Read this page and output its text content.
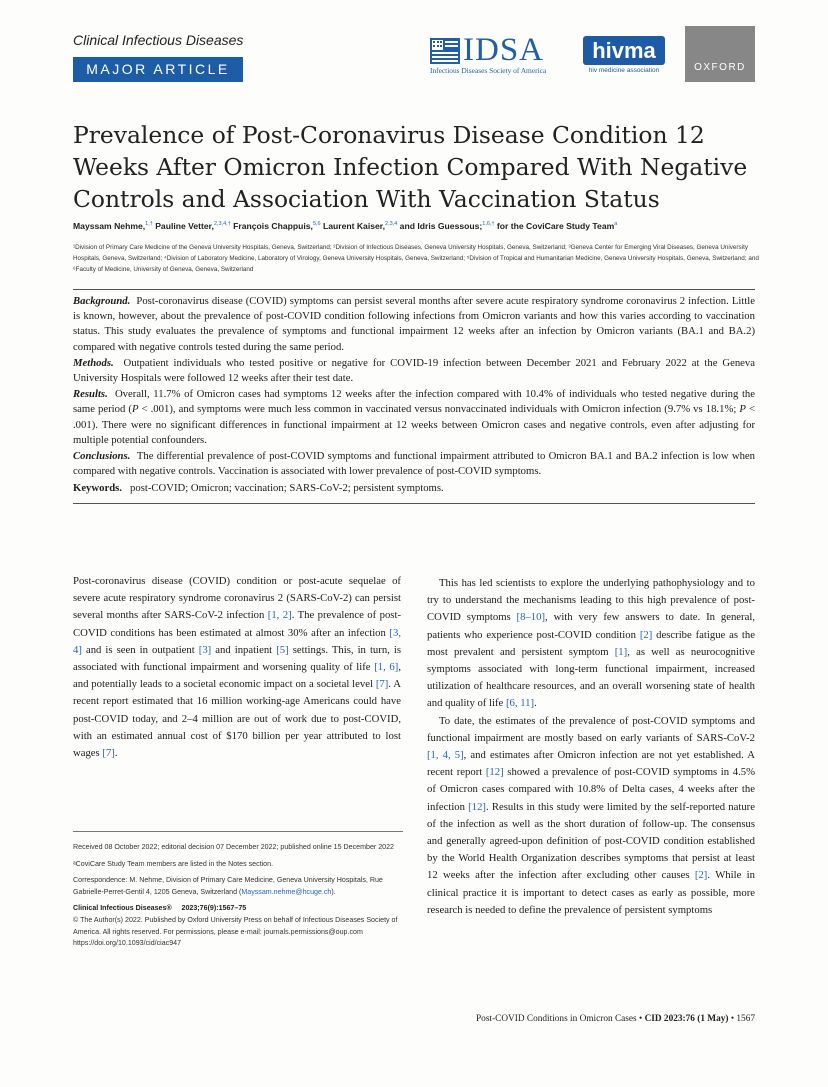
Clinical Infectious Diseases
MAJOR ARTICLE
IDSA
Infectious Diseases Society of America
hivma
hiv medicine association	OXFORD
Prevalence of Post-Coronavirus Disease Condition 12 Weeks After Omicron Infection Compared With Negative Controls and Association With Vaccination Status
Mayssam Nehme,$^{1,\dagger}$ Pauline Vetter,$^{2,3,4,\dagger}$ François Chappuis,$^{5,6}$ Laurent Kaiser,$^{2,3,4}$ and Idris Guessous;$^{1,6,\dagger}$ for the CoviCare Study Team$^a$

¹Division of Primary Care Medicine of the Geneva University Hospitals, Geneva, Switzerland; ²Division of Infectious Diseases, Geneva University Hospitals, Geneva, Switzerland; ³Geneva Center for Emerging Viral Diseases, Geneva University Hospitals, Geneva, Switzerland; ⁴Division of Laboratory Medicine, Laboratory of Virology, Geneva University Hospitals, Geneva, Switzerland; ⁵Division of Tropical and Humanitarian Medicine, Geneva University Hospitals, Geneva, Switzerland; and ⁶Faculty of Medicine, University of Geneva, Geneva, Switzerland

Background. Post-coronavirus disease (COVID) symptoms can persist several months after severe acute respiratory syndrome coronavirus 2 infection. Little is known, however, about the prevalence of post-COVID condition following infections from Omicron variants and how this varies according to vaccination status. This study evaluates the prevalence of symptoms and functional impairment 12 weeks after an infection by Omicron variants (BA.1 and BA.2) compared with negative controls tested during the same period.

Methods. Outpatient individuals who tested positive or negative for COVID-19 infection between December 2021 and February 2022 at the Geneva University Hospitals were followed 12 weeks after their test date.

Results. Overall, 11.7% of Omicron cases had symptoms 12 weeks after the infection compared with 10.4% of individuals who tested negative during the same period (P < .001), and symptoms were much less common in vaccinated versus nonvaccinated individuals with Omicron infection (9.7% vs 18.1%; P < .001). There were no significant differences in functional impairment at 12 weeks between Omicron cases and negative controls, even after adjusting for multiple potential confounders.

Conclusions. The differential prevalence of post-COVID symptoms and functional impairment attributed to Omicron BA.1 and BA.2 infection is low when compared with negative controls. Vaccination is associated with lower prevalence of post-COVID symptoms.

Keywords. post-COVID; Omicron; vaccination; SARS-CoV-2; persistent symptoms.

Post-coronavirus disease (COVID) condition or post-acute sequelae of severe acute respiratory syndrome coronavirus 2 (SARS-CoV-2) can persist several months after SARS-CoV-2 infection [1, 2]. The prevalence of post-COVID conditions has been estimated at almost 30% after an infection [3, 4] and is seen in outpatient [3] and inpatient [5] settings. This, in turn, is associated with functional impairment and worsening quality of life [1, 6], and potentially leads to a societal economic impact on a societal level [7]. A recent report estimated that 16 million working-age Americans could have post-COVID today, and 2–4 million are out of work due to post-COVID, with an estimated annual cost of $170 billion per year attributed to lost wages [7].

This has led scientists to explore the underlying pathophysiology and to try to understand the mechanisms leading to this high prevalence of post-COVID symptoms [8–10], with very few answers to date. In general, patients who experience post-COVID condition [2] describe fatigue as the most prevalent and persistent symptom [1], as well as neurocognitive symptoms associated with long-term functional impairment, increased utilization of healthcare resources, and an overall worsening state of health and quality of life [6, 11].

To date, the estimates of the prevalence of post-COVID symptoms and functional impairment are mostly based on early variants of SARS-CoV-2 [1, 4, 5], and estimates after Omicron infection are not yet established. A recent report [12] showed a prevalence of post-COVID symptoms in 4.5% of Omicron cases compared with 10.8% of Delta cases, 4 weeks after the infection [12]. Results in this study were limited by the self-reported nature of the infection as well as the short duration of follow-up. The consensus and generally agreed-upon definition of post-COVID condition established by the World Health Organization describes symptoms that persist at least 12 weeks after the infection after excluding other causes [2]. While in clinical practice it is important to detect cases as early as possible, more research is needed to define the prevalence of persistent symptoms

Received 08 October 2022; editorial decision 07 December 2022; published online 15 December 2022

ᵃCoviCare Study Team members are listed in the Notes section.

Correspondence: M. Nehme, Division of Primary Care Medicine, Geneva University Hospitals, Rue Gabrielle-Perret-Gentil 4, 1205 Geneva, Switzerland (Mayssam.nehme@hcuge.ch).

Clinical Infectious Diseases® 2023;76(9):1567–75

© The Author(s) 2022. Published by Oxford University Press on behalf of Infectious Diseases Society of America. All rights reserved. For permissions, please e-mail: journals.permissions@oup.com

https://doi.org/10.1093/cid/ciac947

Post-COVID Conditions in Omicron Cases • CID 2023:76 (1 May) • 1567
